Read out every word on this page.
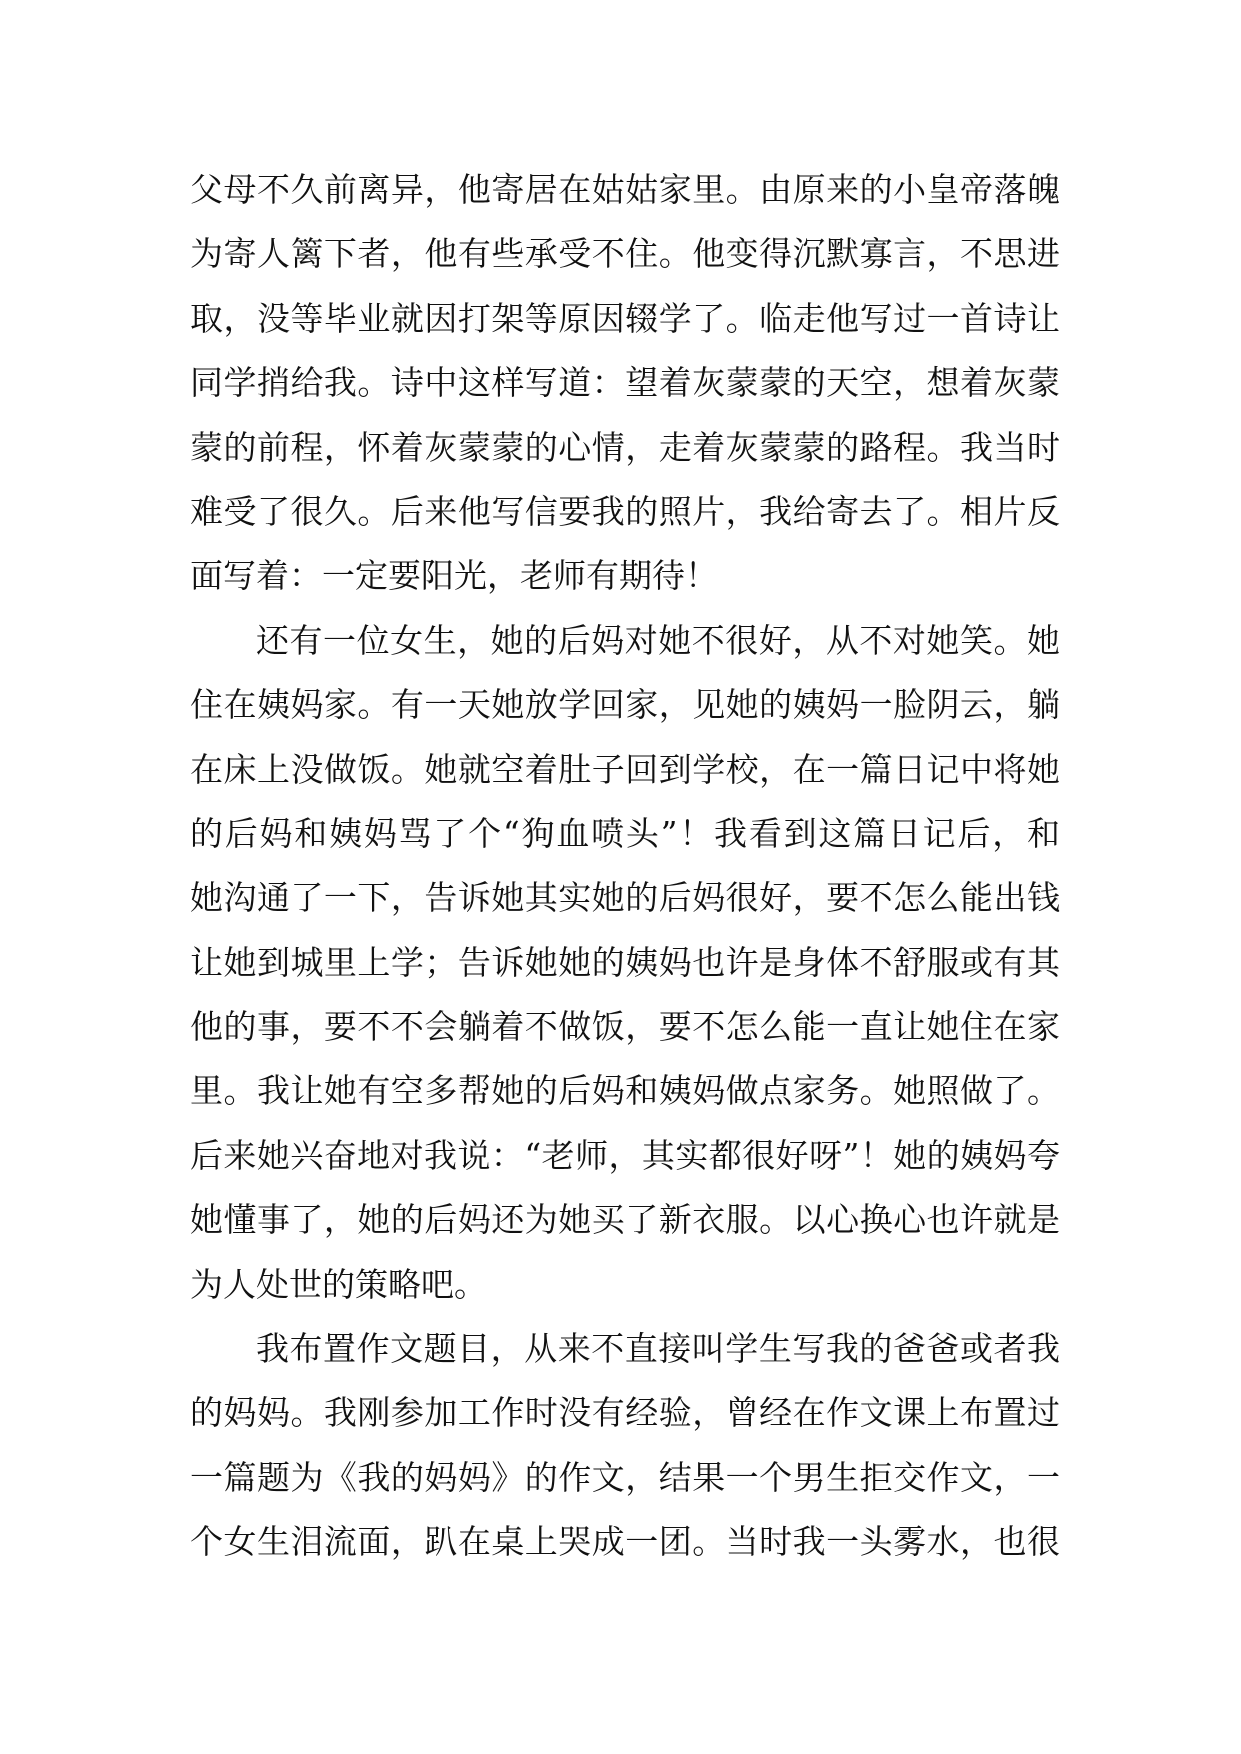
父母不久前离异，他寄居在姑姑家里。由原来的小皇帝落魄
为寄人篱下者，他有些承受不住。他变得沉默寡言，不思进
取，没等毕业就因打架等原因辍学了。临走他写过一首诗让
同学捎给我。诗中这样写道：望着灰蒙蒙的天空，想着灰蒙
蒙的前程，怀着灰蒙蒙的心情，走着灰蒙蒙的路程。我当时
难受了很久。后来他写信要我的照片，我给寄去了。相片反
面写着：一定要阳光，老师有期待！
还有一位女生，她的后妈对她不很好，从不对她笑。她
住在姨妈家。有一天她放学回家，见她的姨妈一脸阴云，躺
在床上没做饭。她就空着肚子回到学校，在一篇日记中将她
的后妈和姨妈骂了个“狗血喷头”！我看到这篇日记后，和
她沟通了一下，告诉她其实她的后妈很好，要不怎么能出钱
让她到城里上学；告诉她她的姨妈也许是身体不舒服或有其
他的事，要不不会躺着不做饭，要不怎么能一直让她住在家
里。我让她有空多帮她的后妈和姨妈做点家务。她照做了。
后来她兴奋地对我说：“老师，其实都很好呀”！她的姨妈夸
她懂事了，她的后妈还为她买了新衣服。以心换心也许就是
为人处世的策略吧。
我布置作文题目，从来不直接叫学生写我的爸爸或者我
的妈妈。我刚参加工作时没有经验，曾经在作文课上布置过
一篇题为《我的妈妈》的作文，结果一个男生拒交作文，一
个女生泪流面，趴在桌上哭成一团。当时我一头雾水，也很
